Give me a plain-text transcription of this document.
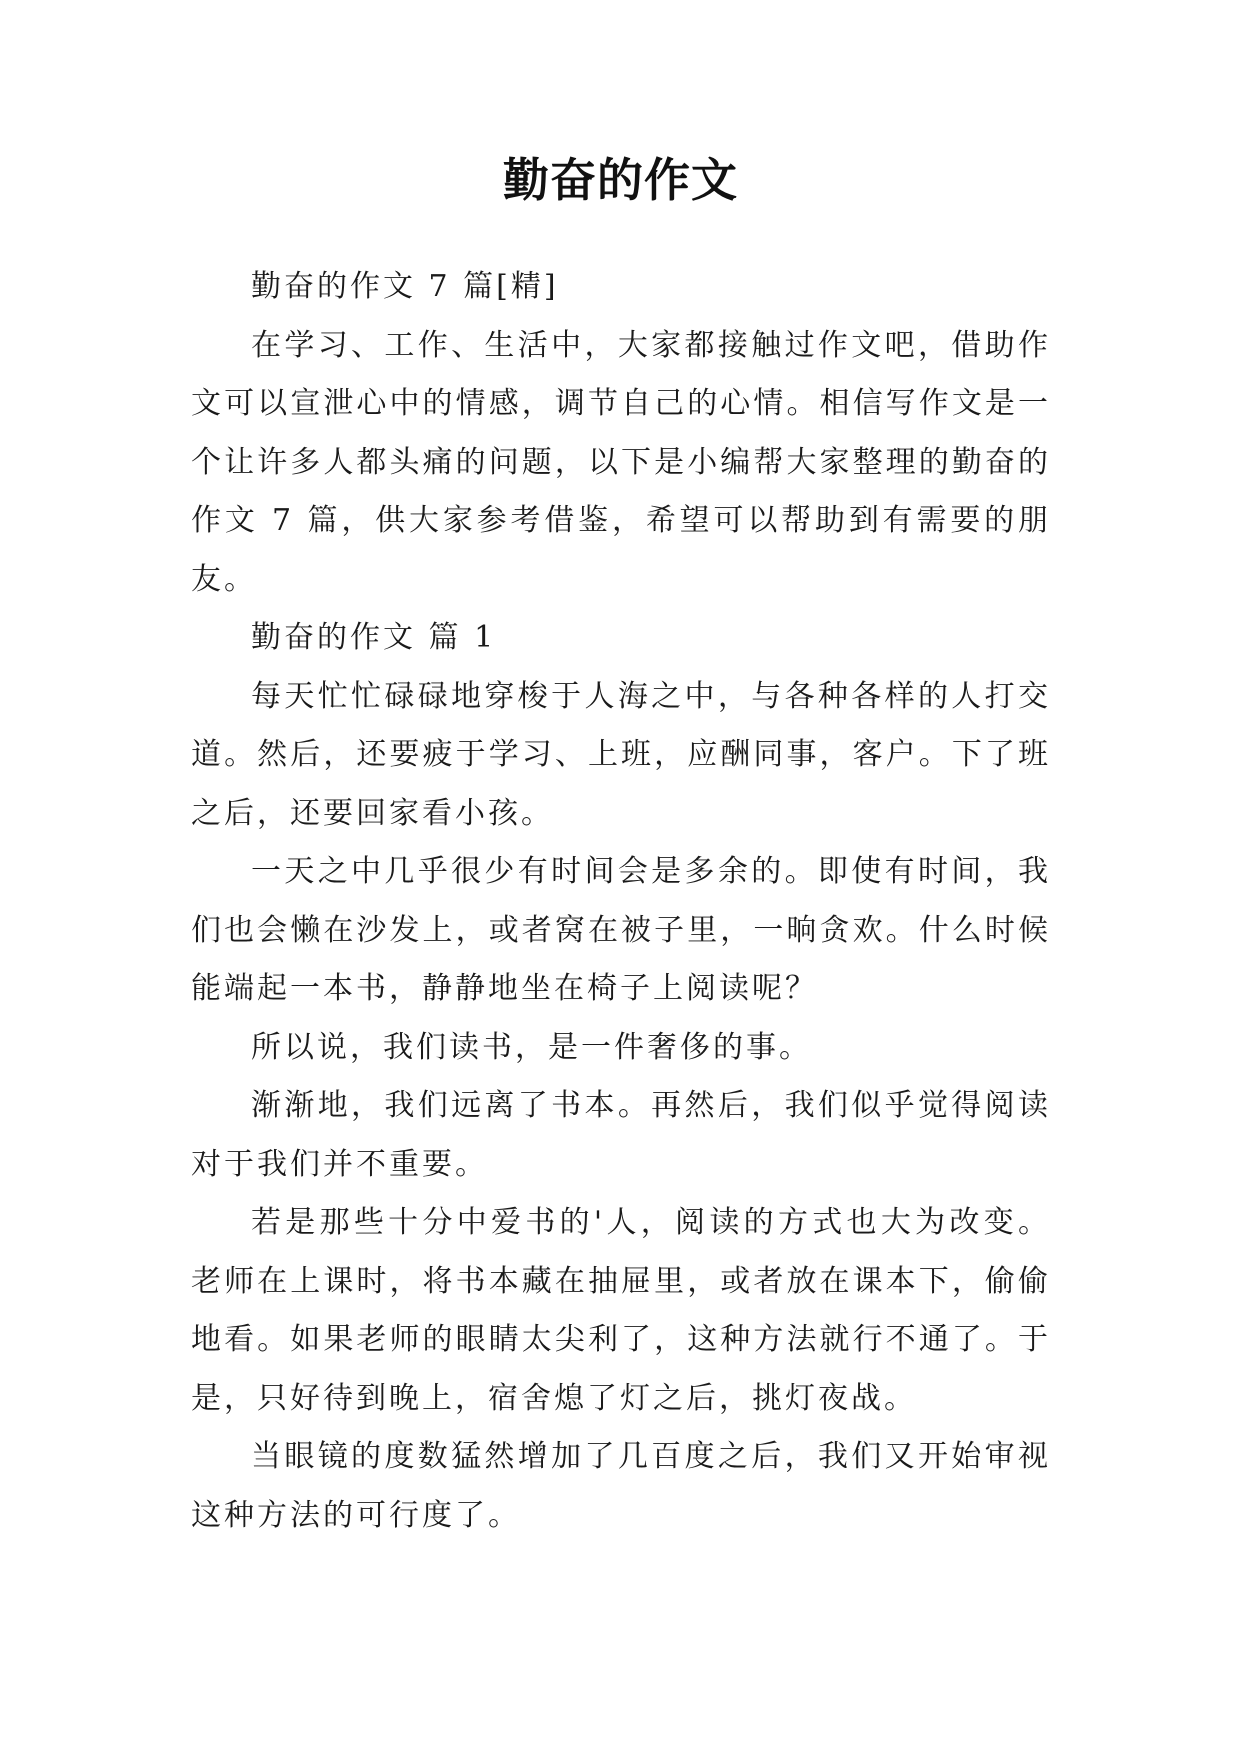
勤奋的作文

勤奋的作文 7 篇[精]

在学习、工作、生活中，大家都接触过作文吧，借助作文可以宣泄心中的情感，调节自己的心情。相信写作文是一个让许多人都头痛的问题，以下是小编帮大家整理的勤奋的作文 7 篇，供大家参考借鉴，希望可以帮助到有需要的朋友。

勤奋的作文 篇 1

每天忙忙碌碌地穿梭于人海之中，与各种各样的人打交道。然后，还要疲于学习、上班，应酬同事，客户。下了班之后，还要回家看小孩。

一天之中几乎很少有时间会是多余的。即使有时间，我们也会懒在沙发上，或者窝在被子里，一晌贪欢。什么时候能端起一本书，静静地坐在椅子上阅读呢？

所以说，我们读书，是一件奢侈的事。

渐渐地，我们远离了书本。再然后，我们似乎觉得阅读对于我们并不重要。

若是那些十分中爱书的'人，阅读的方式也大为改变。老师在上课时，将书本藏在抽屉里，或者放在课本下，偷偷地看。如果老师的眼睛太尖利了，这种方法就行不通了。于是，只好待到晚上，宿舍熄了灯之后，挑灯夜战。

当眼镜的度数猛然增加了几百度之后，我们又开始审视这种方法的可行度了。
